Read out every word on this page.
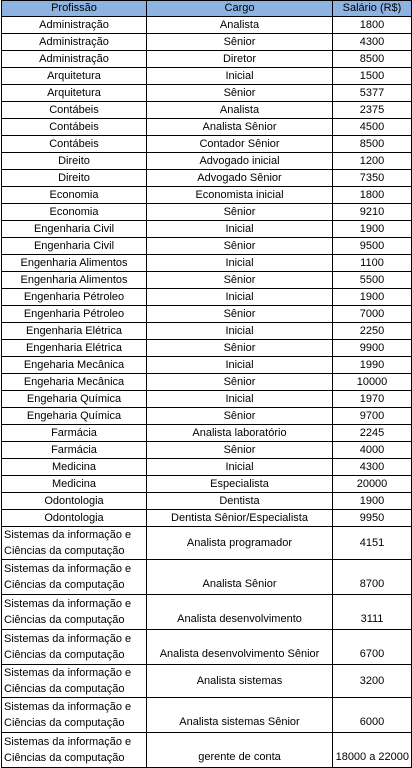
Profissão	Cargo	Salário (R$)
Administração	Analista	1800
Administração	Sênior	4300
Administração	Diretor	8500
Arquitetura	Inicial	1500
Arquitetura	Sênior	5377
Contábeis	Analista	2375
Contábeis	Analista Sênior	4500
Contábeis	Contador Sênior	8500
Direito	Advogado inicial	1200
Direito	Advogado Sênior	7350
Economia	Economista inicial	1800
Economia	Sênior	9210
Engenharia Civil	Inicial	1900
Engenharia Civil	Sênior	9500
Engenharia Alimentos	Inicial	1100
Engenharia Alimentos	Sênior	5500
Engenharia Pétroleo	Inicial	1900
Engenharia Pétroleo	Sênior	7000
Engenharia Elétrica	Inicial	2250
Engenharia Elétrica	Sênior	9900
Engeharia Mecânica	Inicial	1990
Engeharia Mecânica	Sênior	10000
Engeharia Química	Inicial	1970
Engeharia Química	Sênior	9700
Farmácia	Analista laboratório	2245
Farmácia	Sênior	4000
Medicina	Inicial	4300
Medicina	Especialista	20000
Odontologia	Dentista	1900
Odontologia	Dentista Sênior/Especialista	9950
Sistemas da informação e Ciências da computação	Analista programador	4151
Sistemas da informação e Ciências da computação	Analista Sênior	8700
Sistemas da informação e Ciências da computação	Analista desenvolvimento	3111
Sistemas da informação e Ciências da computação	Analista desenvolvimento Sênior	6700
Sistemas da informação e Ciências da computação	Analista sistemas	3200
Sistemas da informação e Ciências da computação	Analista sistemas Sênior	6000
Sistemas da informação e Ciências da computação	gerente de conta	18000 a 22000
